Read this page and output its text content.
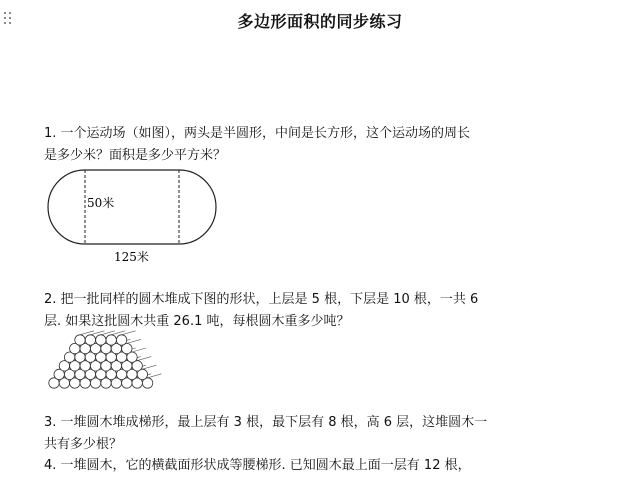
多边形面积的同步练习
1. 一个运动场（如图），两头是半圆形，中间是长方形，这个运动场的周长
是多少米？面积是多少平方米？
50米
125米
2. 把一批同样的圆木堆成下图的形状，上层是 5 根，下层是 10 根，一共 6
层. 如果这批圆木共重 26.1 吨，每根圆木重多少吨？
3. 一堆圆木堆成梯形，最上层有 3 根，最下层有 8 根，高 6 层，这堆圆木一
共有多少根？
4. 一堆圆木，它的横截面形状成等腰梯形. 已知圆木最上面一层有 12 根，
